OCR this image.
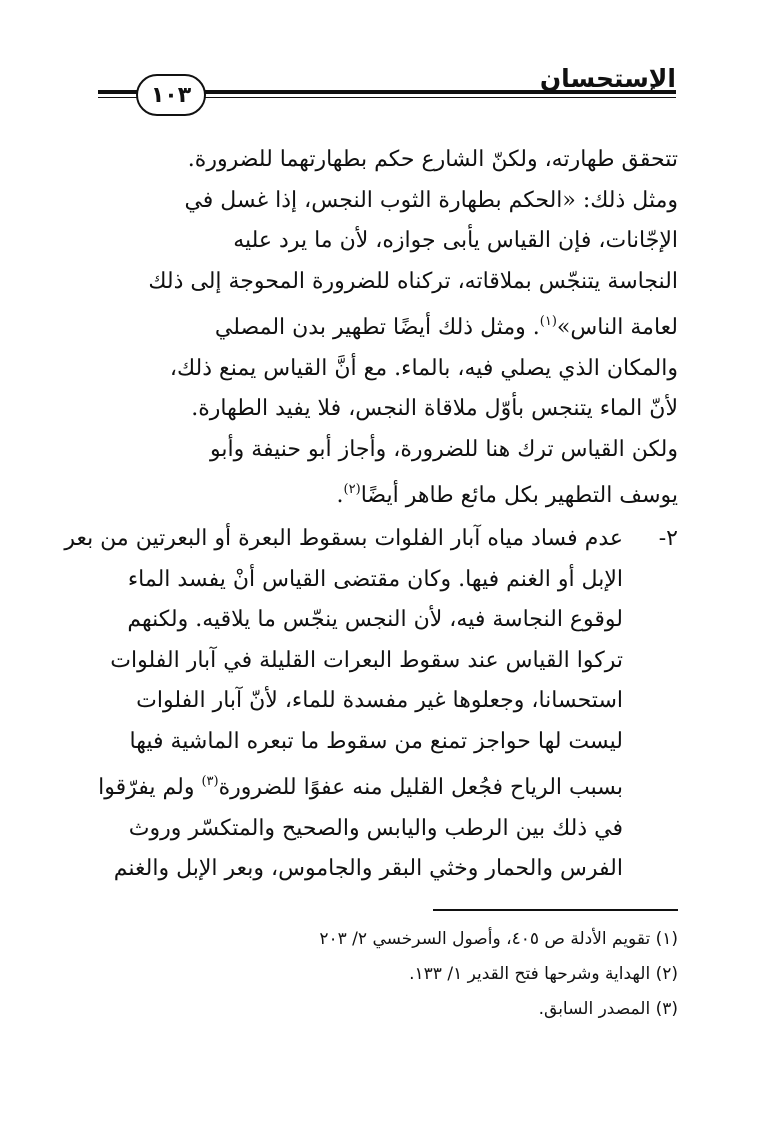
١٠٣
الإستحسان
تتحقق طهارته، ولكنّ الشارع حكم بطهارتهما للضرورة.
ومثل ذلك: «الحكم بطهارة الثوب النجس، إذا غسل في
الإجّانات، فإن القياس يأبى جوازه، لأن ما يرد عليه
النجاسة يتنجّس بملاقاته، تركناه للضرورة المحوجة إلى ذلك
لعامة الناس»$^{(١)}$. ومثل ذلك أيضًا تطهير بدن المصلي
والمكان الذي يصلي فيه، بالماء. مع أنَّ القياس يمنع ذلك،
لأنّ الماء يتنجس بأوّل ملاقاة النجس، فلا يفيد الطهارة.
ولكن القياس ترك هنا للضرورة، وأجاز أبو حنيفة وأبو
يوسف التطهير بكل مائع طاهر أيضًا$^{(٢)}$.
٢-
عدم فساد مياه آبار الفلوات بسقوط البعرة أو البعرتين من بعر
الإبل أو الغنم فيها. وكان مقتضى القياس أنْ يفسد الماء
لوقوع النجاسة فيه، لأن النجس ينجّس ما يلاقيه. ولكنهم
تركوا القياس عند سقوط البعرات القليلة في آبار الفلوات
استحسانا، وجعلوها غير مفسدة للماء، لأنّ آبار الفلوات
ليست لها حواجز تمنع من سقوط ما تبعره الماشية فيها
بسبب الرياح فجُعل القليل منه عفوًا للضرورة$^{(٣)}$ ولم يفرّقوا
في ذلك بين الرطب واليابس والصحيح والمتكسّر وروث
الفرس والحمار وخثي البقر والجاموس، وبعر الإبل والغنم
(١) تقويم الأدلة ص ٤٠٥، وأصول السرخسي ٢/ ٢٠٣
(٢) الهداية وشرحها فتح القدير ١/ ١٣٣.
(٣) المصدر السابق.
